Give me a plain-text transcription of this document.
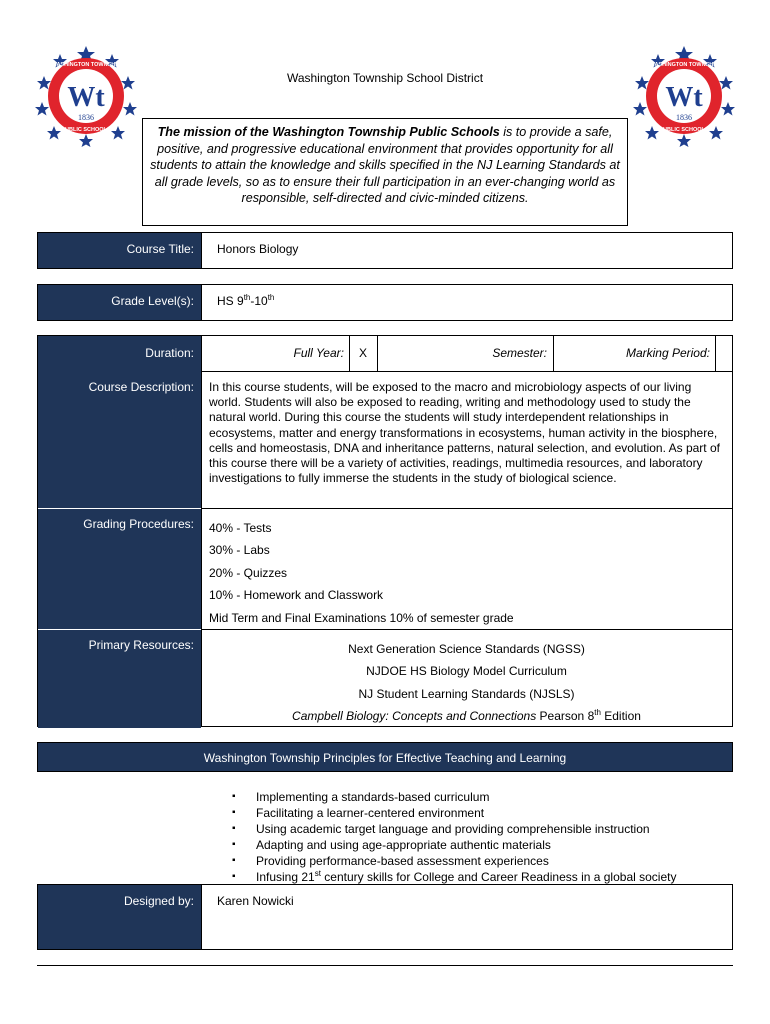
Wt
1836
WASHINGTON TOWNSHIP
PUBLIC SCHOOLS
Wt
1836
WASHINGTON TOWNSHIP
PUBLIC SCHOOLS
Washington Township School District
The mission of the Washington Township Public Schools is to provide a safe, positive, and progressive educational environment that provides opportunity for all students to attain the knowledge and skills specified in the NJ Learning Standards at all grade levels, so as to ensure their full participation in an ever-changing world as responsible, self-directed and civic-minded citizens.
Course Title:	Honors Biology
Grade Level(s):	HS 9th-10th
Duration:	Full Year:	X	Semester:	Marking Period:
Course Description:	In this course students, will be exposed to the macro and microbiology aspects of our living world. Students will also be exposed to reading, writing and methodology used to study the natural world. During this course the students will study interdependent relationships in ecosystems, matter and energy transformations in ecosystems, human activity in the biosphere, cells and homeostasis, DNA and inheritance patterns, natural selection, and evolution. As part of this course there will be a variety of activities, readings, multimedia resources, and laboratory investigations to fully immerse the students in the study of biological science.
Grading Procedures:	40% - Tests
30% - Labs
20% - Quizzes
10% - Homework and Classwork
Mid Term and Final Examinations 10% of semester grade
Primary Resources:	Next Generation Science Standards (NGSS)
NJDOE HS Biology Model Curriculum
NJ Student Learning Standards (NJSLS)
Campbell Biology: Concepts and Connections Pearson 8th Edition
Washington Township Principles for Effective Teaching and Learning
▪ Implementing a standards-based curriculum
▪ Facilitating a learner-centered environment
▪ Using academic target language and providing comprehensible instruction
▪ Adapting and using age-appropriate authentic materials
▪ Providing performance-based assessment experiences
▪ Infusing 21st century skills for College and Career Readiness in a global society
Designed by:	Karen Nowicki
